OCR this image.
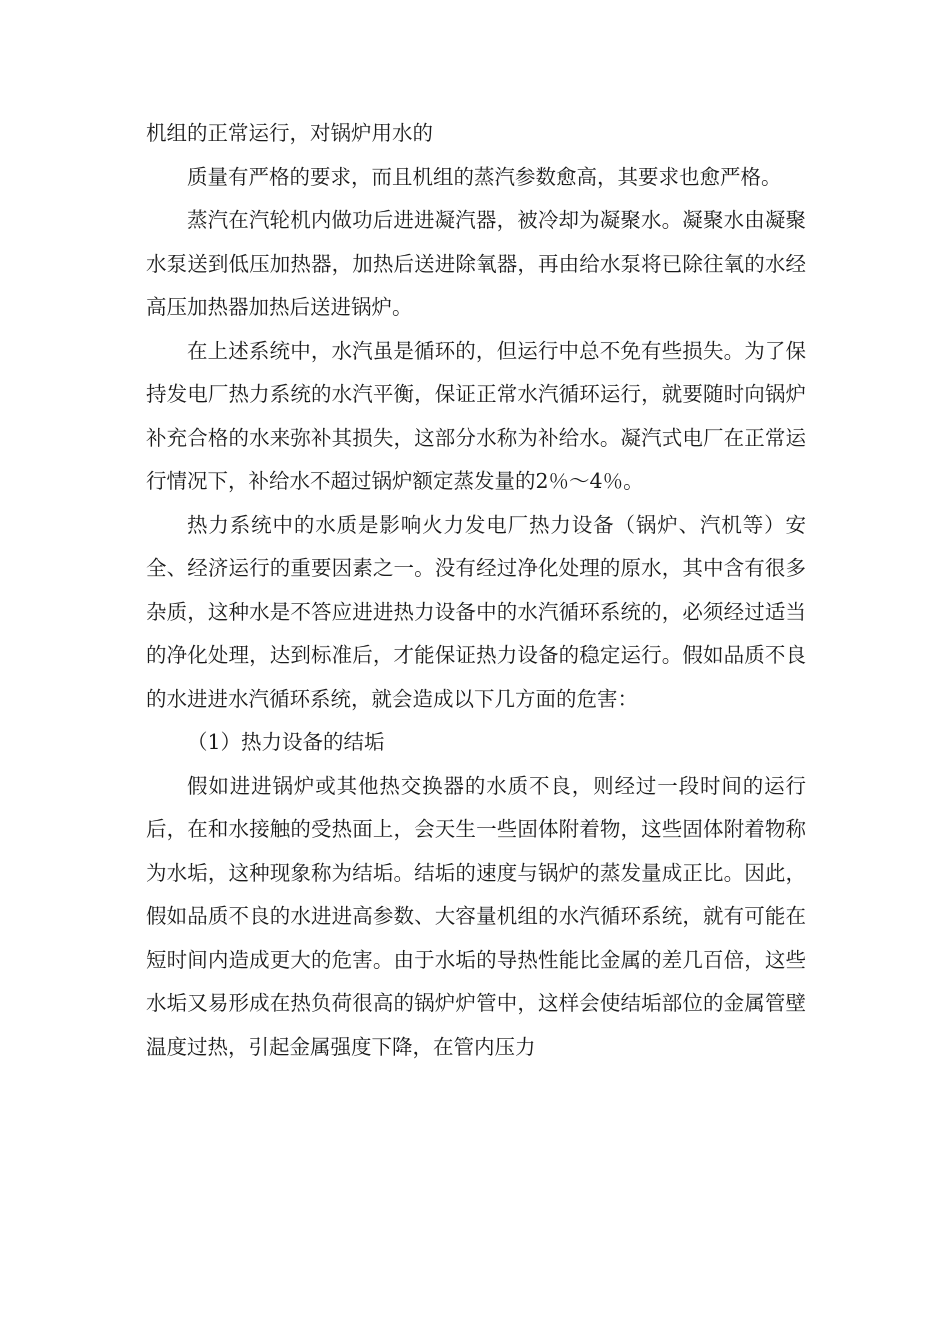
机组的正常运行，对锅炉用水的

质量有严格的要求，而且机组的蒸汽参数愈高，其要求也愈严格。

蒸汽在汽轮机内做功后进进凝汽器，被冷却为凝聚水。凝聚水由凝聚水泵送到低压加热器，加热后送进除氧器，再由给水泵将已除往氧的水经高压加热器加热后送进锅炉。

在上述系统中，水汽虽是循环的，但运行中总不免有些损失。为了保持发电厂热力系统的水汽平衡，保证正常水汽循环运行，就要随时向锅炉补充合格的水来弥补其损失，这部分水称为补给水。凝汽式电厂在正常运行情况下，补给水不超过锅炉额定蒸发量的2％～4％。

热力系统中的水质是影响火力发电厂热力设备（锅炉、汽机等）安全、经济运行的重要因素之一。没有经过净化处理的原水，其中含有很多杂质，这种水是不答应进进热力设备中的水汽循环系统的，必须经过适当的净化处理，达到标准后，才能保证热力设备的稳定运行。假如品质不良的水进进水汽循环系统，就会造成以下几方面的危害：

（1）热力设备的结垢

假如进进锅炉或其他热交换器的水质不良，则经过一段时间的运行后，在和水接触的受热面上，会天生一些固体附着物，这些固体附着物称为水垢，这种现象称为结垢。结垢的速度与锅炉的蒸发量成正比。因此，假如品质不良的水进进高参数、大容量机组的水汽循环系统，就有可能在短时间内造成更大的危害。由于水垢的导热性能比金属的差几百倍，这些水垢又易形成在热负荷很高的锅炉炉管中，这样会使结垢部位的金属管壁温度过热，引起金属强度下降，在管内压力
